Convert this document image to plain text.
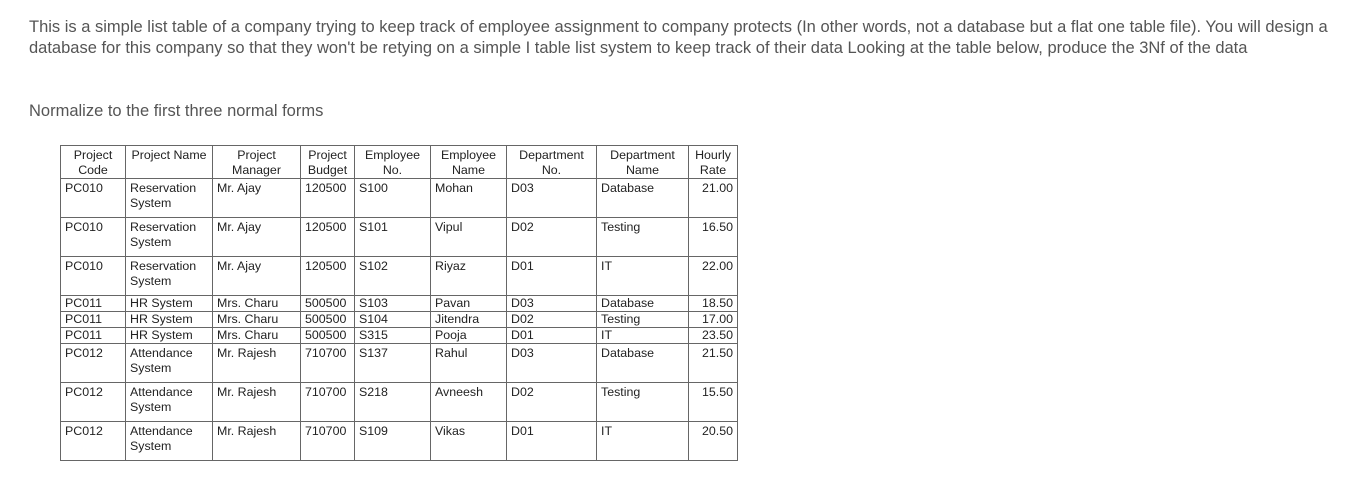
This is a simple list table of a company trying to keep track of employee assignment to company protects (In other words, not a database but a flat one table file). You will design a database for this company so that they won't be retying on a simple I table list system to keep track of their data Looking at the table below, produce the 3Nf of the data

Normalize to the first three normal forms

Project Code	Project Name	Project Manager	Project Budget	Employee No.	Employee Name	Department No.	Department Name	Hourly Rate
PC010	Reservation System	Mr. Ajay	120500	S100	Mohan	D03	Database	21.00
PC010	Reservation System	Mr. Ajay	120500	S101	Vipul	D02	Testing	16.50
PC010	Reservation System	Mr. Ajay	120500	S102	Riyaz	D01	IT	22.00
PC011	HR System	Mrs. Charu	500500	S103	Pavan	D03	Database	18.50
PC011	HR System	Mrs. Charu	500500	S104	Jitendra	D02	Testing	17.00
PC011	HR System	Mrs. Charu	500500	S315	Pooja	D01	IT	23.50
PC012	Attendance System	Mr. Rajesh	710700	S137	Rahul	D03	Database	21.50
PC012	Attendance System	Mr. Rajesh	710700	S218	Avneesh	D02	Testing	15.50
PC012	Attendance System	Mr. Rajesh	710700	S109	Vikas	D01	IT	20.50
